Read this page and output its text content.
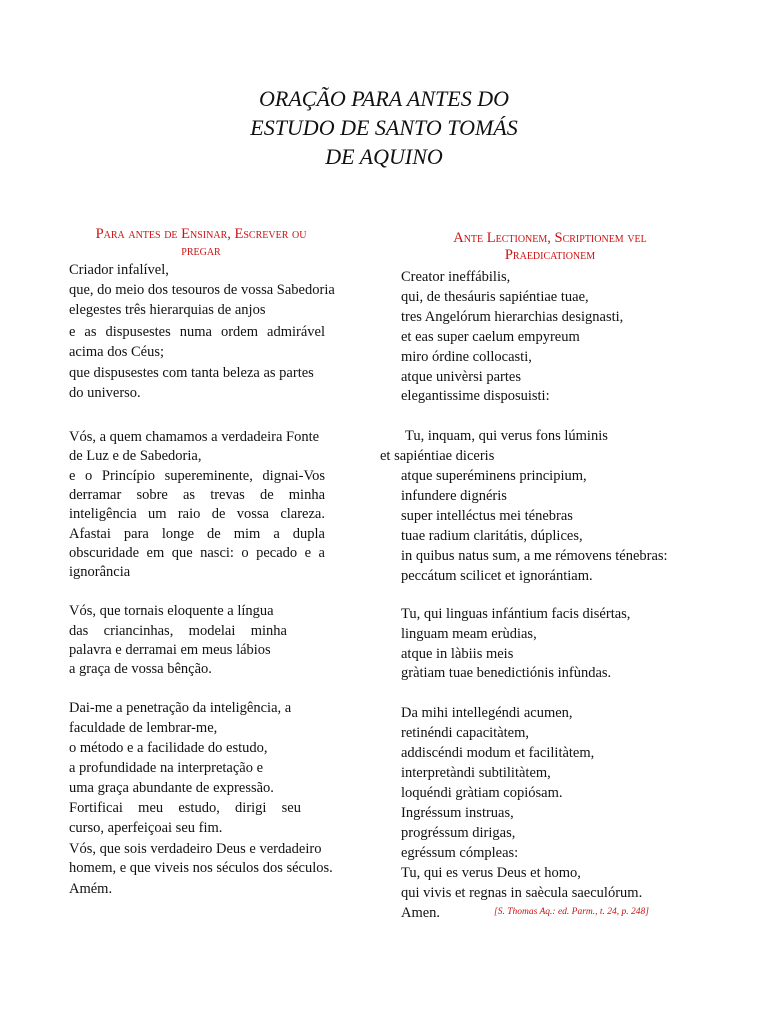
ORAÇÃO PARA ANTES DO
ESTUDO DE SANTO TOMÁS
DE AQUINO
Para antes de Ensinar, Escrever ou
pregar
Ante Lectionem, Scriptionem vel
Praedicationem
Criador infalível,
que, do meio dos tesouros de vossa Sabedoria
elegestes três hierarquias de anjos
e as dispusestes numa ordem admirável
acima dos Céus;
que dispusestes com tanta beleza as partes
do universo.
Vós, a quem chamamos a verdadeira Fonte
de Luz e de Sabedoria,
e o Princípio supereminente, dignai-Vos
derramar sobre as trevas de minha
inteligência um raio de vossa clareza.
Afastai para longe de mim a dupla
obscuridade em que nasci: o pecado e a
ignorância
Vós, que tornais eloquente a língua
das criancinhas, modelai minha
palavra e derramai em meus lábios
a graça de vossa bênção.
Dai-me a penetração da inteligência, a
faculdade de lembrar-me,
o método e a facilidade do estudo,
a profundidade na interpretação e
uma graça abundante de expressão.
Fortificai meu estudo, dirigi seu
curso, aperfeiçoai seu fim.
Vós, que sois verdadeiro Deus e verdadeiro
homem, e que viveis nos séculos dos séculos.
Amém.
Creator ineffábilis,
qui, de thesáuris sapiéntiae tuae,
tres Angelórum hierarchias designasti,
et eas super caelum empyreum
miro órdine collocasti,
atque univèrsi partes
elegantissime disposuisti:
Tu, inquam, qui verus fons lúminis
et sapiéntiae diceris
atque superéminens principium,
infundere dignéris
super intelléctus mei ténebras
tuae radium claritátis, dúplices,
in quibus natus sum, a me rémovens ténebras:
peccátum scilicet et ignorántiam.
Tu, qui linguas infántium facis disértas,
linguam meam erùdias,
atque in làbiis meis
gràtiam tuae benedictiónis infùndas.
Da mihi intellegéndi acumen,
retinéndi capacitàtem,
addiscéndi modum et facilitàtem,
interpretàndi subtilitàtem,
loquéndi gràtiam copiósam.
Ingréssum instruas,
progréssum dirigas,
egréssum cómpleas:
Tu, qui es verus Deus et homo,
qui vivis et regnas in saècula saeculórum.
Amen.	[S. Thomas Aq.: ed. Parm., t. 24, p. 248]
